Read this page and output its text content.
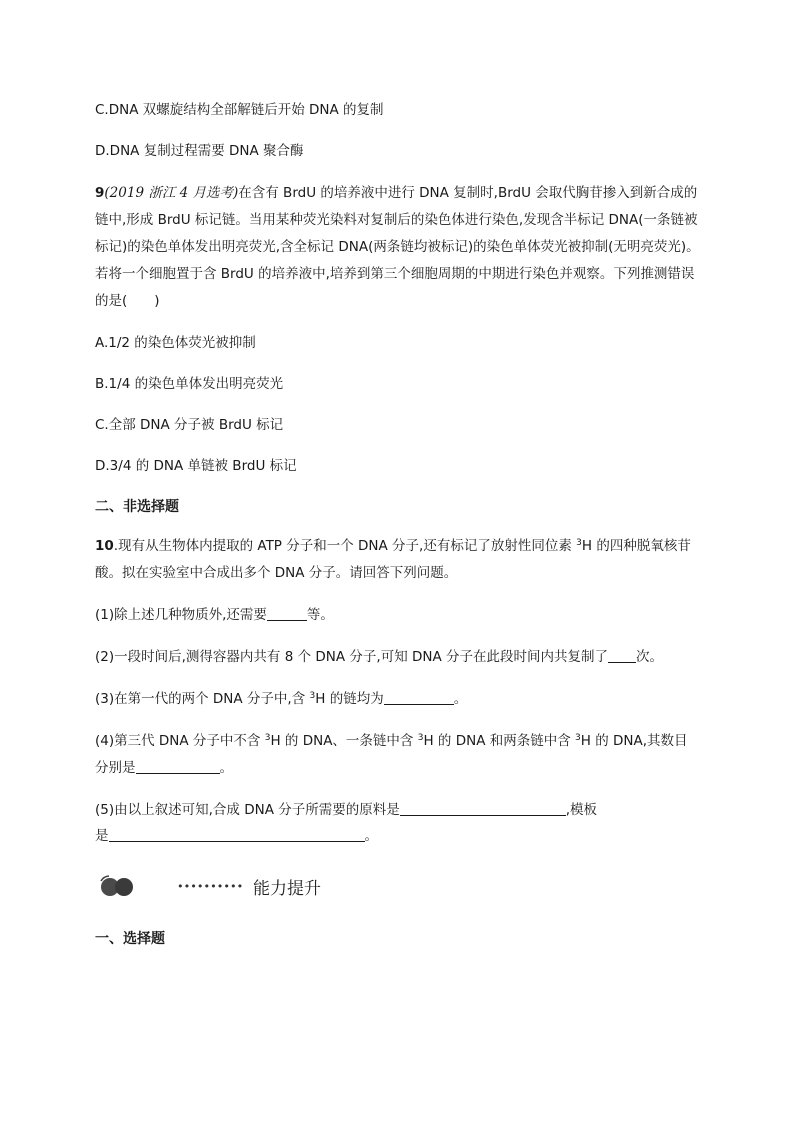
C.DNA 双螺旋结构全部解链后开始 DNA 的复制
D.DNA 复制过程需要 DNA 聚合酶
9(2019 浙江 4 月选考)在含有 BrdU 的培养液中进行 DNA 复制时,BrdU 会取代胸苷掺入到新合成的链中,形成 BrdU 标记链。当用某种荧光染料对复制后的染色体进行染色,发现含半标记 DNA(一条链被标记)的染色单体发出明亮荧光,含全标记 DNA(两条链均被标记)的染色单体荧光被抑制(无明亮荧光)。若将一个细胞置于含 BrdU 的培养液中,培养到第三个细胞周期的中期进行染色并观察。下列推测错误的是(　　)
A.1/2 的染色体荧光被抑制
B.1/4 的染色单体发出明亮荧光
C.全部 DNA 分子被 BrdU 标记
D.3/4 的 DNA 单链被 BrdU 标记
二、非选择题
10.现有从生物体内提取的 ATP 分子和一个 DNA 分子,还有标记了放射性同位素 $^3$H 的四种脱氧核苷
酸。拟在实验室中合成出多个 DNA 分子。请回答下列问题。
(1)除上述几种物质外,还需要	等。
(2)一段时间后,测得容器内共有 8 个 DNA 分子,可知 DNA 分子在此段时间内共复制了 次。
(3)在第一代的两个 DNA 分子中,含 $^3$H 的链均为	。
(4)第三代 DNA 分子中不含 $^3$H 的 DNA、一条链中含 $^3$H 的 DNA 和两条链中含 $^3$H 的 DNA,其数目
分别是	。
(5)由以上叙述可知,合成 DNA 分子所需要的原料是	,模板
是	。
一、选择题
•••••••••• 能力提升
